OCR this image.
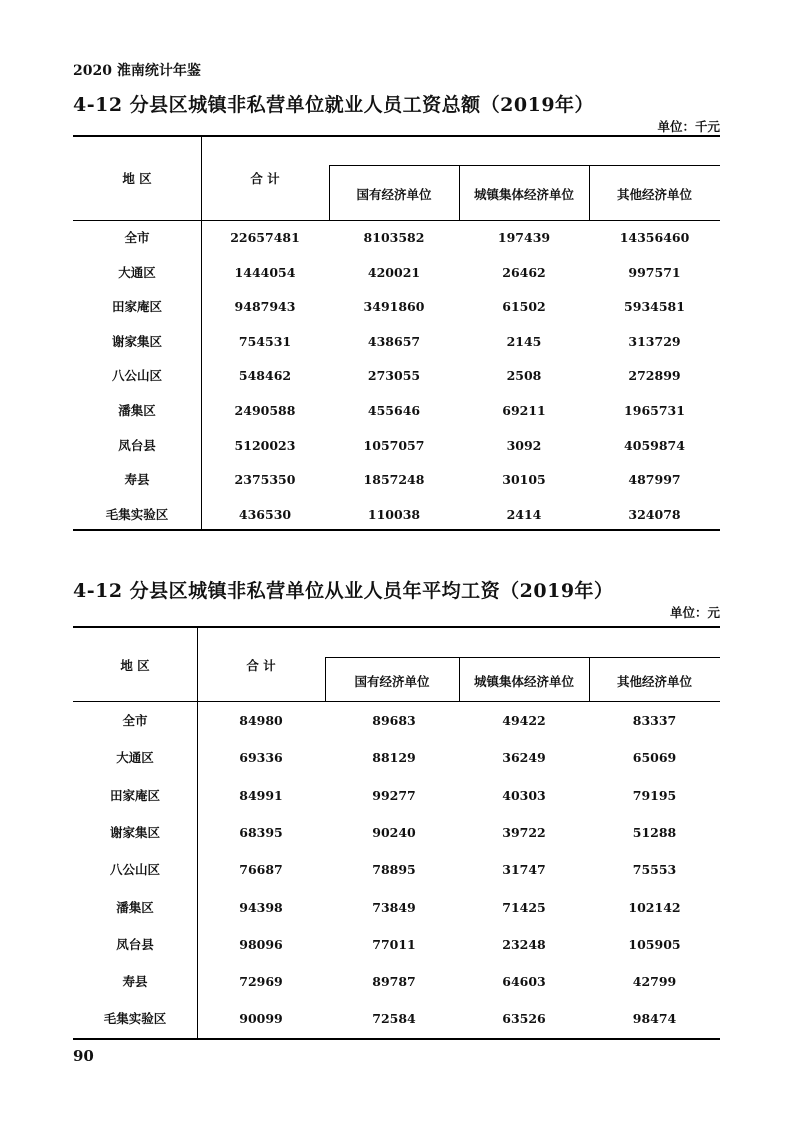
2020 淮南统计年鉴
4-12 分县区城镇非私营单位就业人员工资总额（2019年）
单位：千元
地 区	合 计
国有经济单位	城镇集体经济单位	其他经济单位
全市	22657481	8103582	197439	14356460
大通区	1444054	420021	26462	997571
田家庵区	9487943	3491860	61502	5934581
谢家集区	754531	438657	2145	313729
八公山区	548462	273055	2508	272899
潘集区	2490588	455646	69211	1965731
凤台县	5120023	1057057	3092	4059874
寿县	2375350	1857248	30105	487997
毛集实验区	436530	110038	2414	324078
4-12 分县区城镇非私营单位从业人员年平均工资（2019年）
单位：元
地 区	合 计
国有经济单位	城镇集体经济单位	其他经济单位
全市	84980	89683	49422	83337
大通区	69336	88129	36249	65069
田家庵区	84991	99277	40303	79195
谢家集区	68395	90240	39722	51288
八公山区	76687	78895	31747	75553
潘集区	94398	73849	71425	102142
凤台县	98096	77011	23248	105905
寿县	72969	89787	64603	42799
毛集实验区	90099	72584	63526	98474
90
